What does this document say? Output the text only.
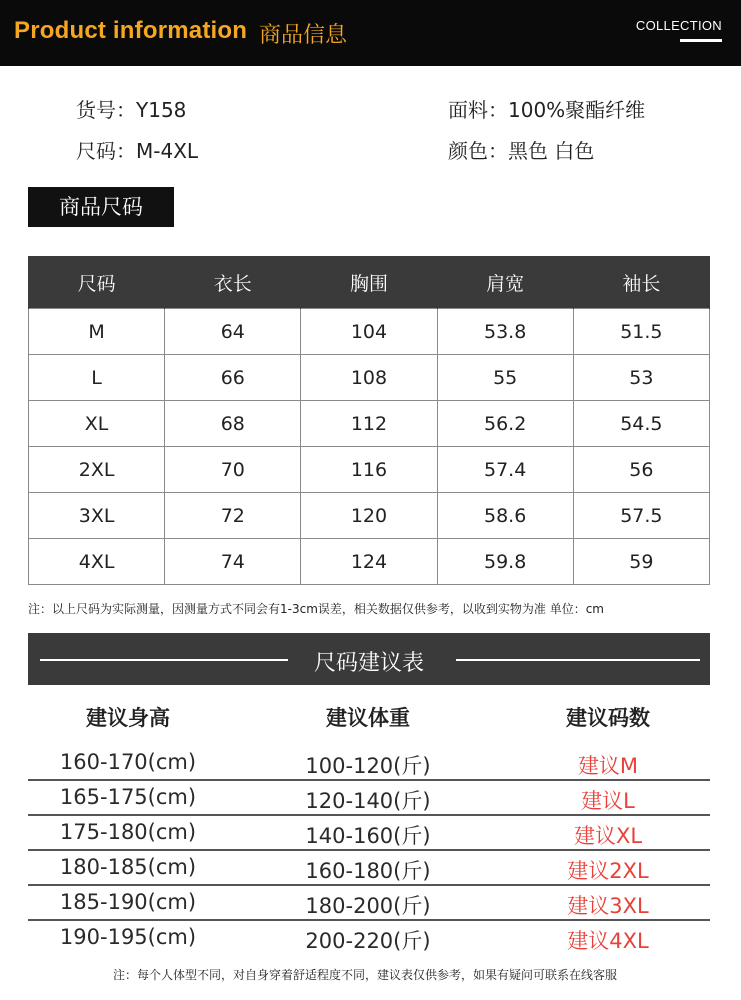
Product information 商品信息	COLLECTION
货号：Y158
尺码：M-4XL
面料：100%聚酯纤维
颜色：黑色 白色
商品尺码
尺码	衣长	胸围	肩宽	袖长
M	64	104	53.8	51.5
L	66	108	55	53
XL	68	112	56.2	54.5
2XL	70	116	57.4	56
3XL	72	120	58.6	57.5
4XL	74	124	59.8	59
注：以上尺码为实际测量，因测量方式不同会有1-3cm误差，相关数据仅供参考，以收到实物为准 单位：cm
尺码建议表
建议身高	建议体重	建议码数
160-170(cm)	100-120(斤)	建议M
165-175(cm)	120-140(斤)	建议L
175-180(cm)	140-160(斤)	建议XL
180-185(cm)	160-180(斤)	建议2XL
185-190(cm)	180-200(斤)	建议3XL
190-195(cm)	200-220(斤)	建议4XL
注：每个人体型不同，对自身穿着舒适程度不同，建议表仅供参考，如果有疑问可联系在线客服
